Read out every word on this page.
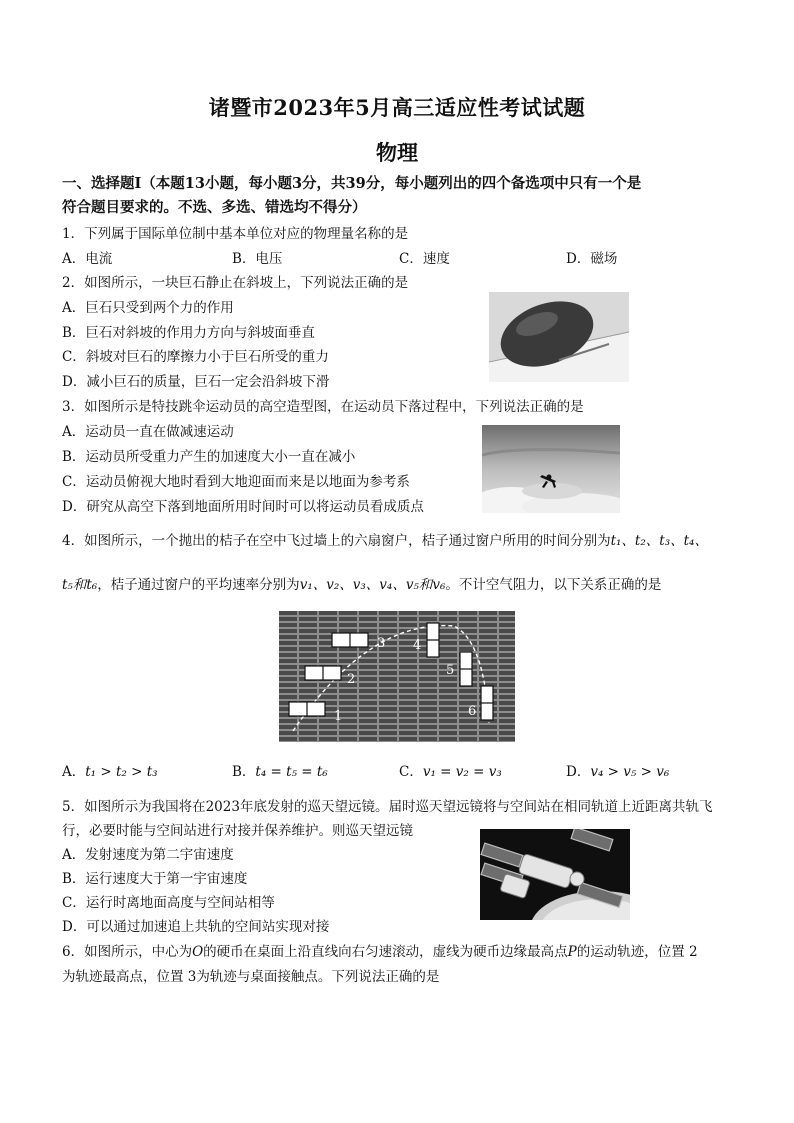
诸暨市2023年5月高三适应性考试试题
物理
一、选择题Ⅰ（本题13小题，每小题3分，共39分，每小题列出的四个备选项中只有一个是
符合题目要求的。不选、多选、错选均不得分）
1．下列属于国际单位制中基本单位对应的物理量名称的是
A．电流	B．电压	C．速度	D．磁场
2．如图所示，一块巨石静止在斜坡上，下列说法正确的是
A．巨石只受到两个力的作用
B．巨石对斜坡的作用力方向与斜坡面垂直
C．斜坡对巨石的摩擦力小于巨石所受的重力
D．减小巨石的质量，巨石一定会沿斜坡下滑
3．如图所示是特技跳伞运动员的高空造型图，在运动员下落过程中，下列说法正确的是
A．运动员一直在做减速运动
B．运动员所受重力产生的加速度大小一直在减小
C．运动员俯视大地时看到大地迎面而来是以地面为参考系
D．研究从高空下落到地面所用时间时可以将运动员看成质点
4．如图所示，一个抛出的桔子在空中飞过墙上的六扇窗户，桔子通过窗户所用的时间分别为t₁、t₂、t₃、t₄、
t₅和t₆，桔子通过窗户的平均速率分别为v₁、v₂、v₃、v₄、v₅和v₆。不计空气阻力，以下关系正确的是
1
2
3 4
5
6
A．t₁ > t₂ > t₃	B．t₄ = t₅ = t₆	C．v₁ = v₂ = v₃	D．v₄ > v₅ > v₆
5．如图所示为我国将在2023年底发射的巡天望远镜。届时巡天望远镜将与空间站在相同轨道上近距离共轨飞
行，必要时能与空间站进行对接并保养维护。则巡天望远镜
A．发射速度为第二宇宙速度
B．运行速度大于第一宇宙速度
C．运行时离地面高度与空间站相等
D．可以通过加速追上共轨的空间站实现对接
6．如图所示，中心为O的硬币在桌面上沿直线向右匀速滚动，虚线为硬币边缘最高点P的运动轨迹，位置 2
为轨迹最高点，位置 3为轨迹与桌面接触点。下列说法正确的是
